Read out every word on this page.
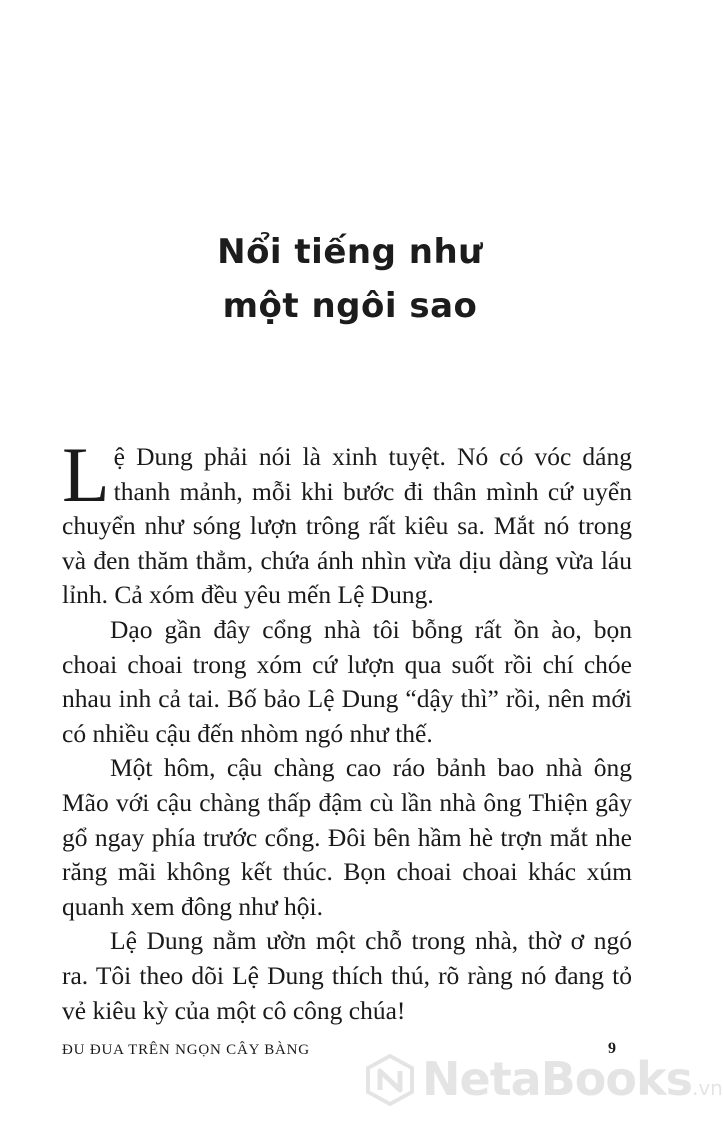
Nổi tiếng như
một ngôi sao

Lệ Dung phải nói là xinh tuyệt. Nó có vóc dáng thanh mảnh, mỗi khi bước đi thân mình cứ uyển chuyển như sóng lượn trông rất kiêu sa. Mắt nó trong và đen thăm thẳm, chứa ánh nhìn vừa dịu dàng vừa láu lỉnh. Cả xóm đều yêu mến Lệ Dung.

Dạo gần đây cổng nhà tôi bỗng rất ồn ào, bọn choai choai trong xóm cứ lượn qua suốt rồi chí chóe nhau inh cả tai. Bố bảo Lệ Dung “dậy thì” rồi, nên mới có nhiều cậu đến nhòm ngó như thế.

Một hôm, cậu chàng cao ráo bảnh bao nhà ông Mão với cậu chàng thấp đậm cù lần nhà ông Thiện gây gổ ngay phía trước cổng. Đôi bên hầm hè trợn mắt nhe răng mãi không kết thúc. Bọn choai choai khác xúm quanh xem đông như hội.

Lệ Dung nằm ườn một chỗ trong nhà, thờ ơ ngó ra. Tôi theo dõi Lệ Dung thích thú, rõ ràng nó đang tỏ vẻ kiêu kỳ của một cô công chúa!

ĐU ĐUA TRÊN NGỌN CÂY BÀNG	9
NetaBooks.vn
